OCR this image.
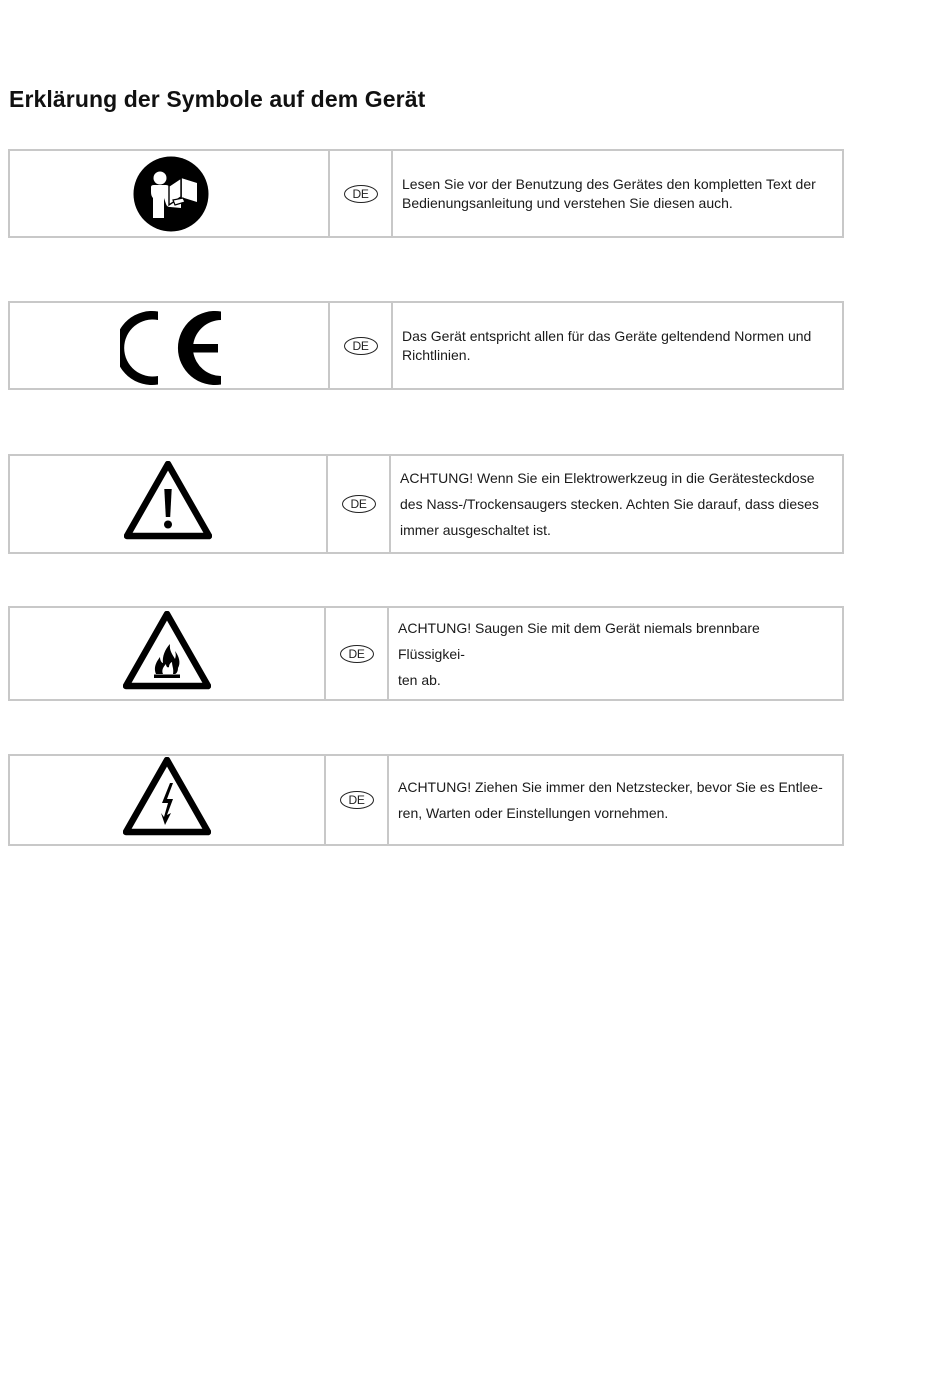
Erklärung der Symbole auf dem Gerät
DE

Lesen Sie vor der Benutzung des Gerätes den kompletten Text der
Bedienungsanleitung und verstehen Sie diesen auch.

DE

Das Gerät entspricht allen für das Geräte geltendend Normen und
Richtlinien.

DE

ACHTUNG! Wenn Sie ein Elektrowerkzeug in die Gerätesteckdose
des Nass-/Trockensaugers stecken. Achten Sie darauf, dass dieses
immer ausgeschaltet ist.

DE

ACHTUNG! Saugen Sie mit dem Gerät niemals brennbare Flüssigkei-
ten ab.

DE

ACHTUNG! Ziehen Sie immer den Netzstecker, bevor Sie es Entlee-
ren, Warten oder Einstellungen vornehmen.
